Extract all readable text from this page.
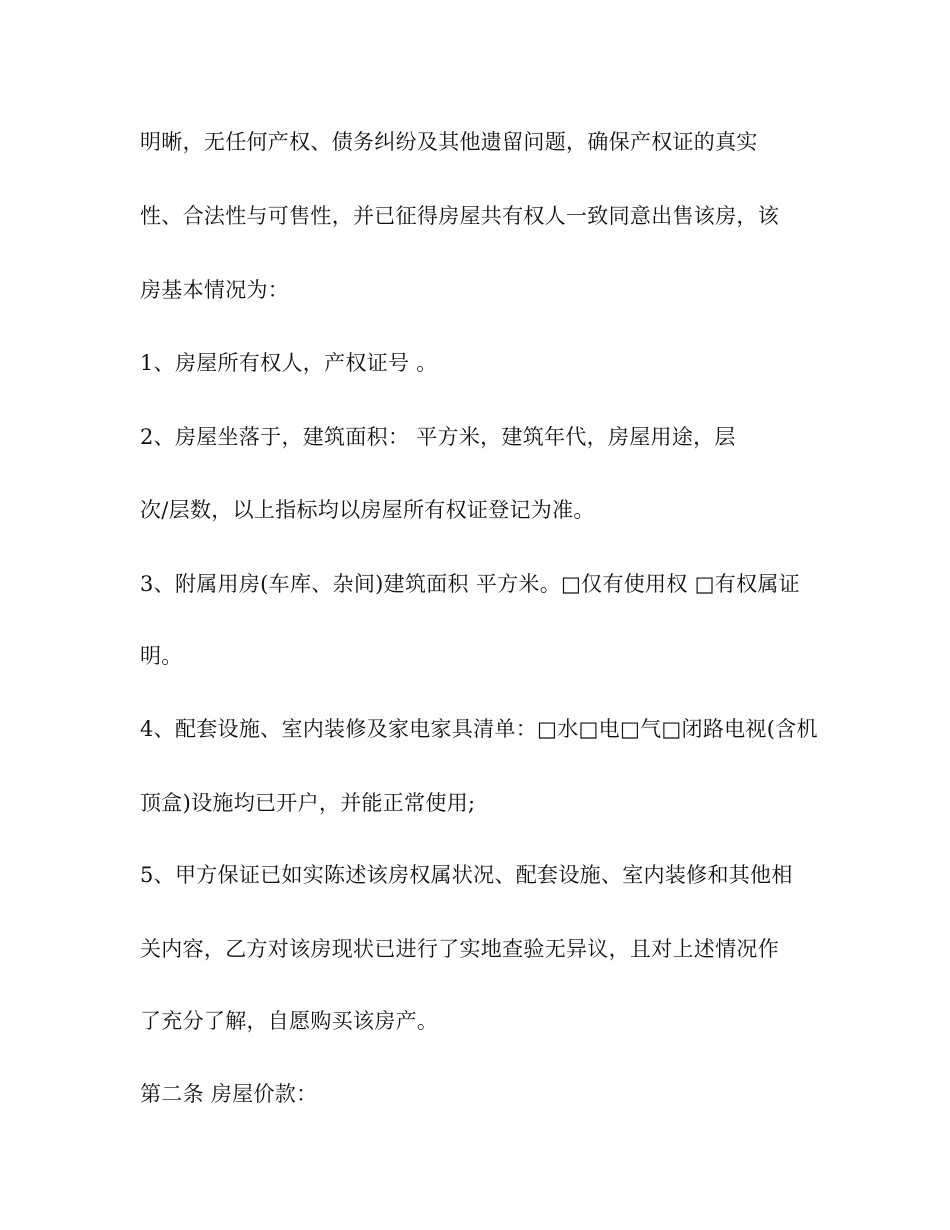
明晰，无任何产权、债务纠纷及其他遗留问题，确保产权证的真实
性、合法性与可售性，并已征得房屋共有权人一致同意出售该房，该
房基本情况为：
1、房屋所有权人，产权证号 。
2、房屋坐落于，建筑面积： 平方米，建筑年代，房屋用途，层
次/层数，以上指标均以房屋所有权证登记为准。
3、附属用房(车库、杂间)建筑面积 平方米。□仅有使用权 □有权属证
明。
4、配套设施、室内装修及家电家具清单：□水□电□气□闭路电视(含机
顶盒)设施均已开户，并能正常使用;
5、甲方保证已如实陈述该房权属状况、配套设施、室内装修和其他相
关内容，乙方对该房现状已进行了实地查验无异议，且对上述情况作
了充分了解，自愿购买该房产。
第二条 房屋价款：
